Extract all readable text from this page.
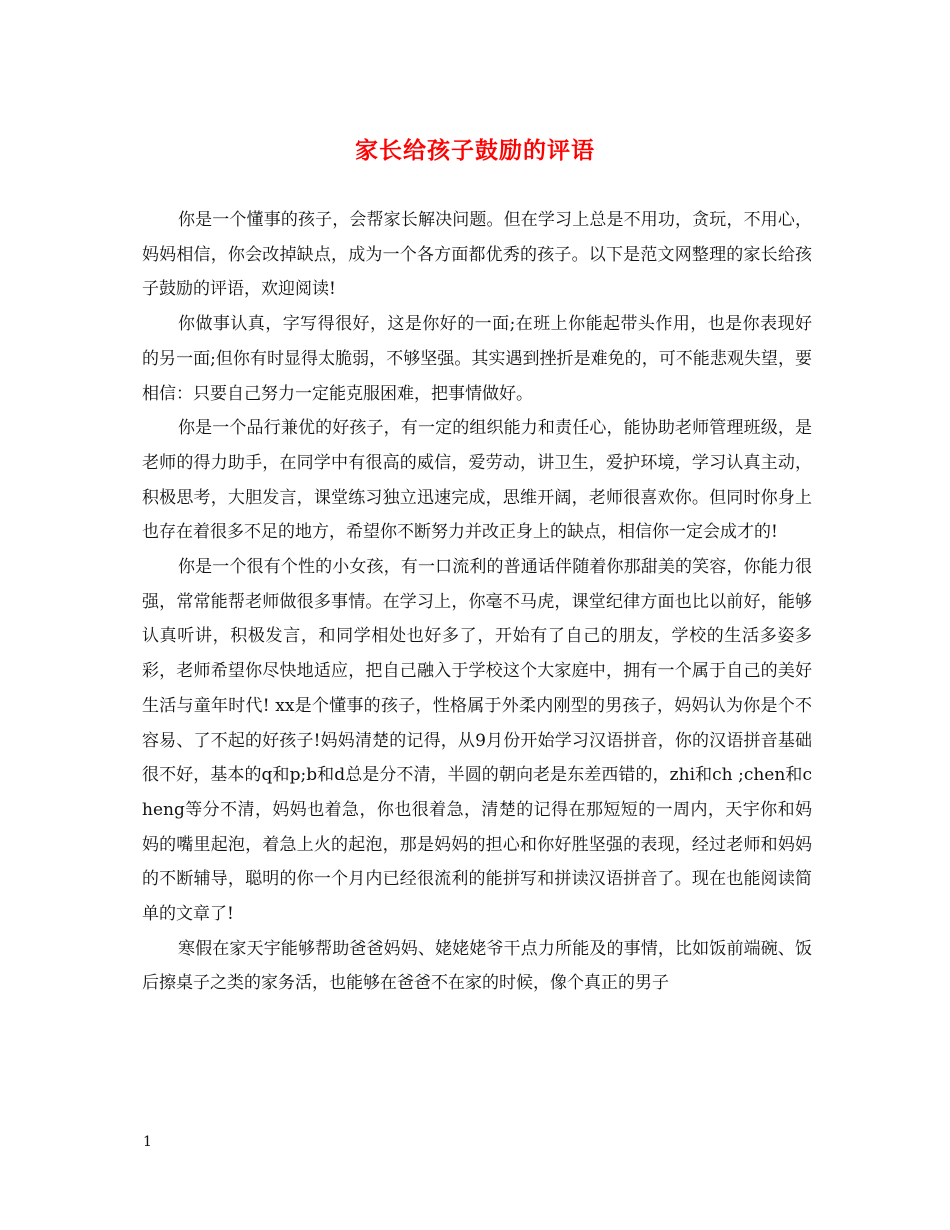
家长给孩子鼓励的评语

你是一个懂事的孩子，会帮家长解决问题。但在学习上总是不用功，贪玩，不用心，妈妈相信，你会改掉缺点，成为一个各方面都优秀的孩子。以下是范文网整理的家长给孩子鼓励的评语，欢迎阅读!

你做事认真，字写得很好，这是你好的一面;在班上你能起带头作用，也是你表现好的另一面;但你有时显得太脆弱，不够坚强。其实遇到挫折是难免的，可不能悲观失望，要相信：只要自己努力一定能克服困难，把事情做好。

你是一个品行兼优的好孩子，有一定的组织能力和责任心，能协助老师管理班级，是老师的得力助手，在同学中有很高的威信，爱劳动，讲卫生，爱护环境，学习认真主动，积极思考，大胆发言，课堂练习独立迅速完成，思维开阔，老师很喜欢你。但同时你身上也存在着很多不足的地方，希望你不断努力并改正身上的缺点，相信你一定会成才的!

你是一个很有个性的小女孩，有一口流利的普通话伴随着你那甜美的笑容，你能力很强，常常能帮老师做很多事情。在学习上，你毫不马虎，课堂纪律方面也比以前好，能够认真听讲，积极发言，和同学相处也好多了，开始有了自己的朋友，学校的生活多姿多彩，老师希望你尽快地适应，把自己融入于学校这个大家庭中，拥有一个属于自己的美好生活与童年时代! xx是个懂事的孩子，性格属于外柔内刚型的男孩子，妈妈认为你是个不容易、了不起的好孩子!妈妈清楚的记得，从9月份开始学习汉语拼音，你的汉语拼音基础很不好，基本的q和p;b和d总是分不清，半圆的朝向老是东差西错的，zhi和ch ;chen和cheng等分不清，妈妈也着急，你也很着急，清楚的记得在那短短的一周内，天宇你和妈妈的嘴里起泡，着急上火的起泡，那是妈妈的担心和你好胜坚强的表现，经过老师和妈妈的不断辅导，聪明的你一个月内已经很流利的能拼写和拼读汉语拼音了。现在也能阅读简单的文章了!

寒假在家天宇能够帮助爸爸妈妈、姥姥姥爷干点力所能及的事情，比如饭前端碗、饭后擦桌子之类的家务活，也能够在爸爸不在家的时候，像个真正的男子

1
